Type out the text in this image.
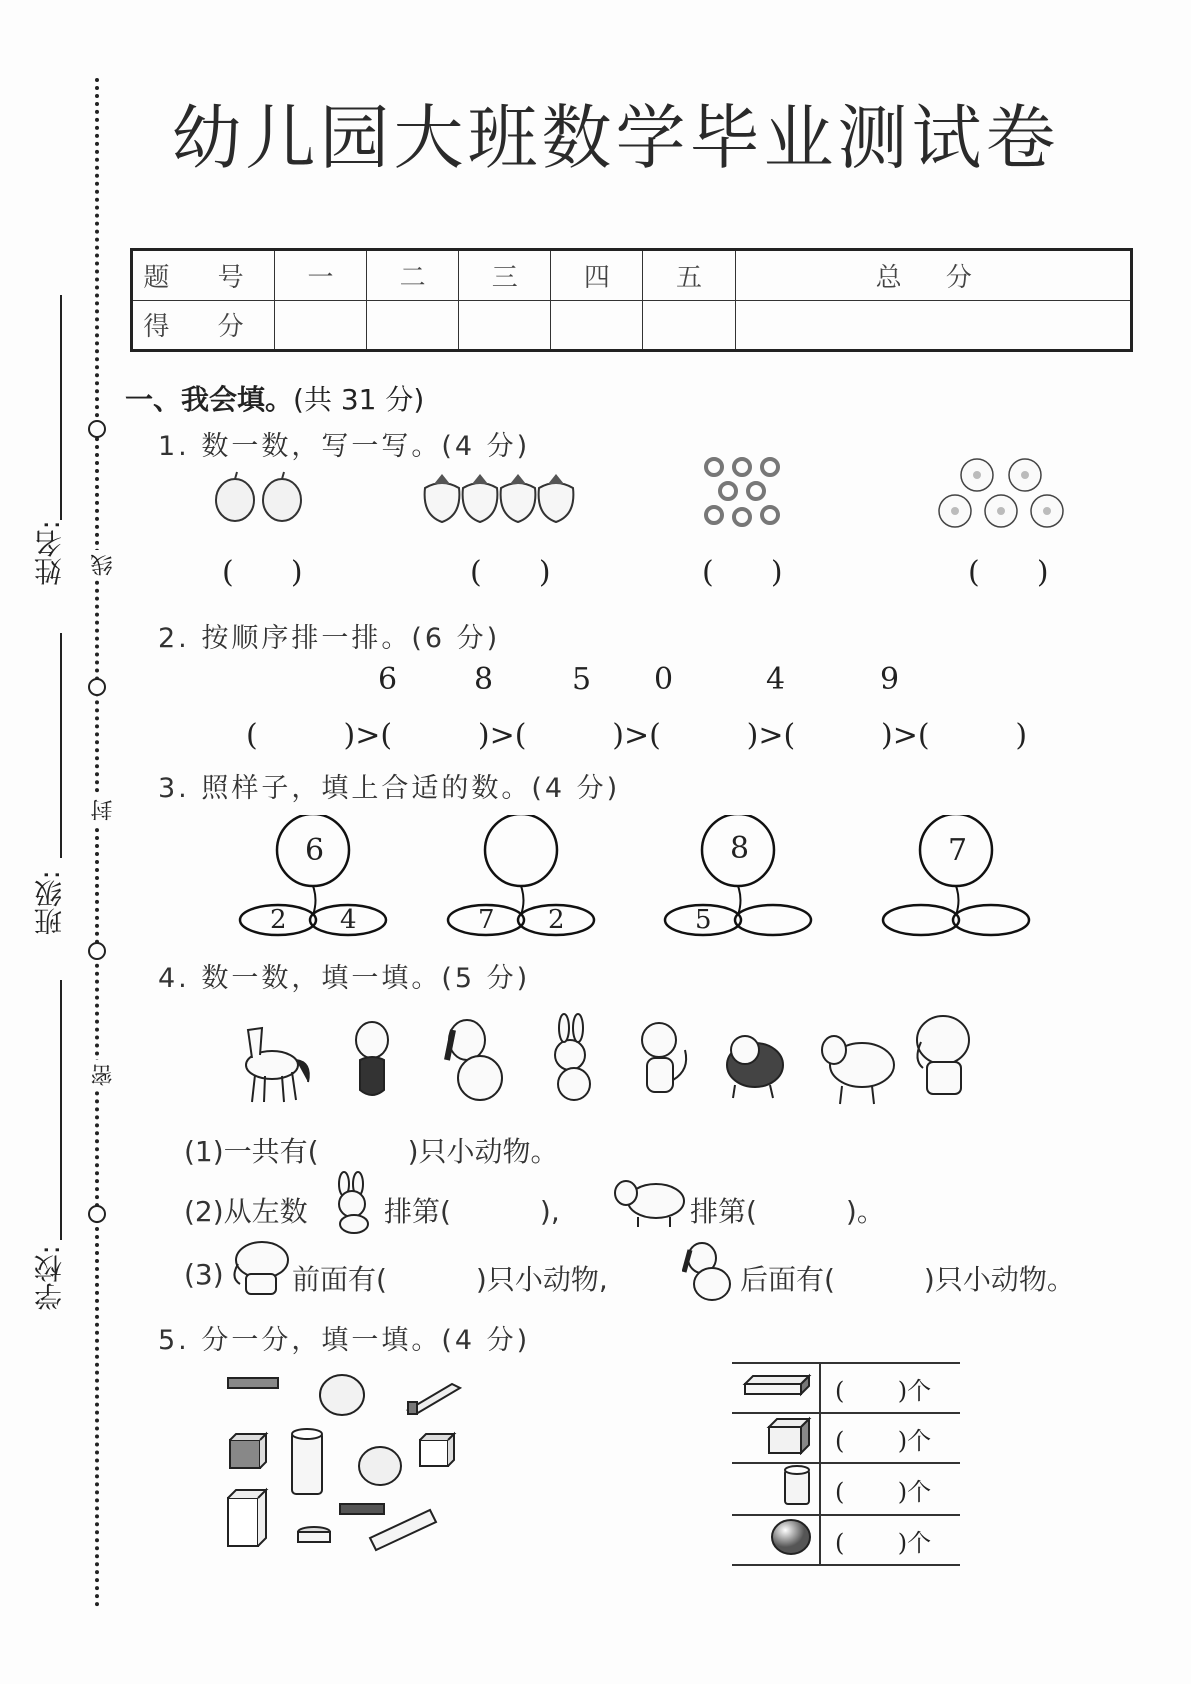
幼儿园大班数学毕业测试卷
线
封
密
姓名:
班级:
学校:
题 号	一	二	三	四	五	总 分
得 分						
一、我会填。(共 31 分)
1. 数一数，写一写。(4 分)
(      )	(      )	(      )	(      )
2. 按顺序排一排。(6 分)
6	8	5 0	4	9
(         )>(         )>(         )>(         )>(         )>(         )
3. 照样子，填上合适的数。(4 分)
6
2 4	7 2
8
5
7
4. 数一数，填一填。(5 分)
(1)一共有(          )只小动物。
(2)从左数	排第(          ),	排第(          )。
(3) 前面有(          )只小动物,	后面有(          )只小动物。
5. 分一分，填一填。(4 分)
	(       )个
	(       )个
	(       )个
	(       )个
